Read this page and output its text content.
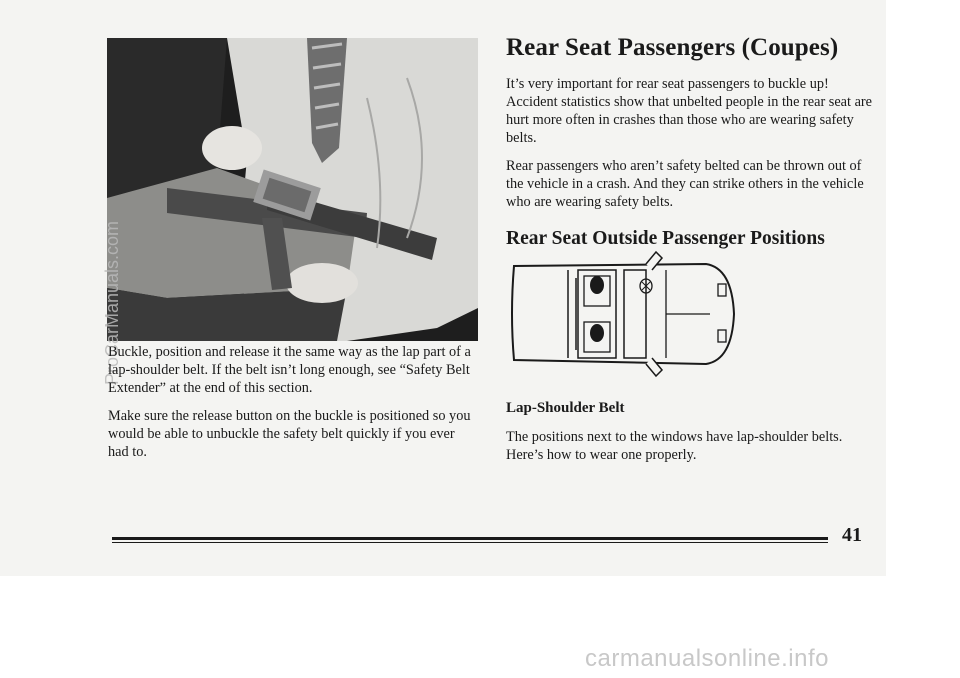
ProCarManuals.com

Buckle, position and release it the same way as the lap part of a lap-shoulder belt. If the belt isn’t long enough, see “Safety Belt Extender” at the end of this section.

Make sure the release button on the buckle is positioned so you would be able to unbuckle the safety belt quickly if you ever had to.

Rear Seat Passengers (Coupes)

It’s very important for rear seat passengers to buckle up! Accident statistics show that unbelted people in the rear seat are hurt more often in crashes than those who are wearing safety belts.

Rear passengers who aren’t safety belted can be thrown out of the vehicle in a crash. And they can strike others in the vehicle who are wearing safety belts.

Rear Seat Outside Passenger Positions
Lap-Shoulder Belt
The positions next to the windows have lap-shoulder belts. Here’s how to wear one properly.
41
carmanualsonline.info
